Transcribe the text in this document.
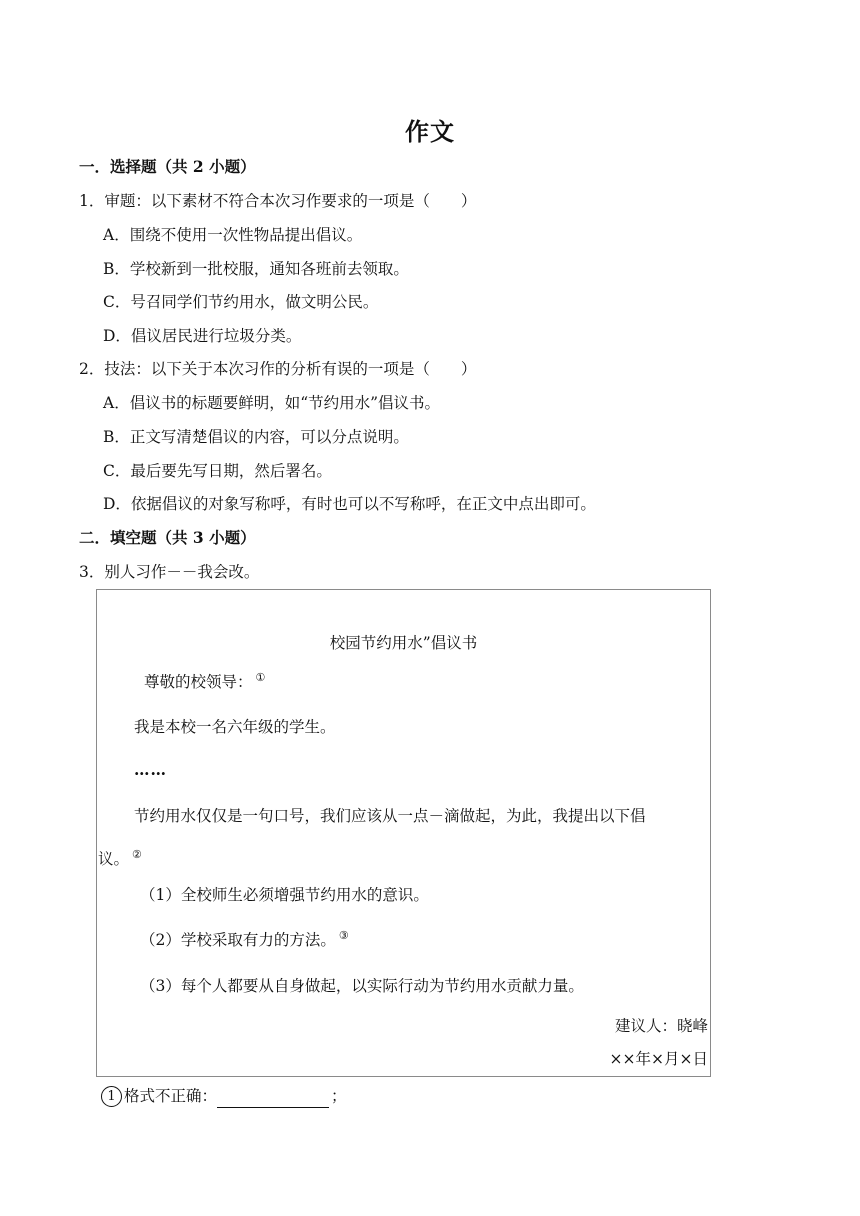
作文
一．选择题（共 2 小题）
1．审题：以下素材不符合本次习作要求的一项是（　　）
A．围绕不使用一次性物品提出倡议。
B．学校新到一批校服，通知各班前去领取。
C．号召同学们节约用水，做文明公民。
D．倡议居民进行垃圾分类。
2．技法：以下关于本次习作的分析有误的一项是（　　）
A．倡议书的标题要鲜明，如“节约用水”倡议书。
B．正文写清楚倡议的内容，可以分点说明。
C．最后要先写日期，然后署名。
D．依据倡议的对象写称呼，有时也可以不写称呼，在正文中点出即可。
二．填空题（共 3 小题）
3．别人习作－－我会改。
校园节约用水”倡议书
尊敬的校领导： ①
我是本校一名六年级的学生。
……
节约用水仅仅是一句口号，我们应该从一点－滴做起，为此，我提出以下倡
议。 ②
（1）全校师生必须增强节约用水的意识。
（2）学校采取有力的方法。 ③
（3）每个人都要从自身做起，以实际行动为节约用水贡献力量。
建议人：晓峰
××年×月×日
1 格式不正确：	；
